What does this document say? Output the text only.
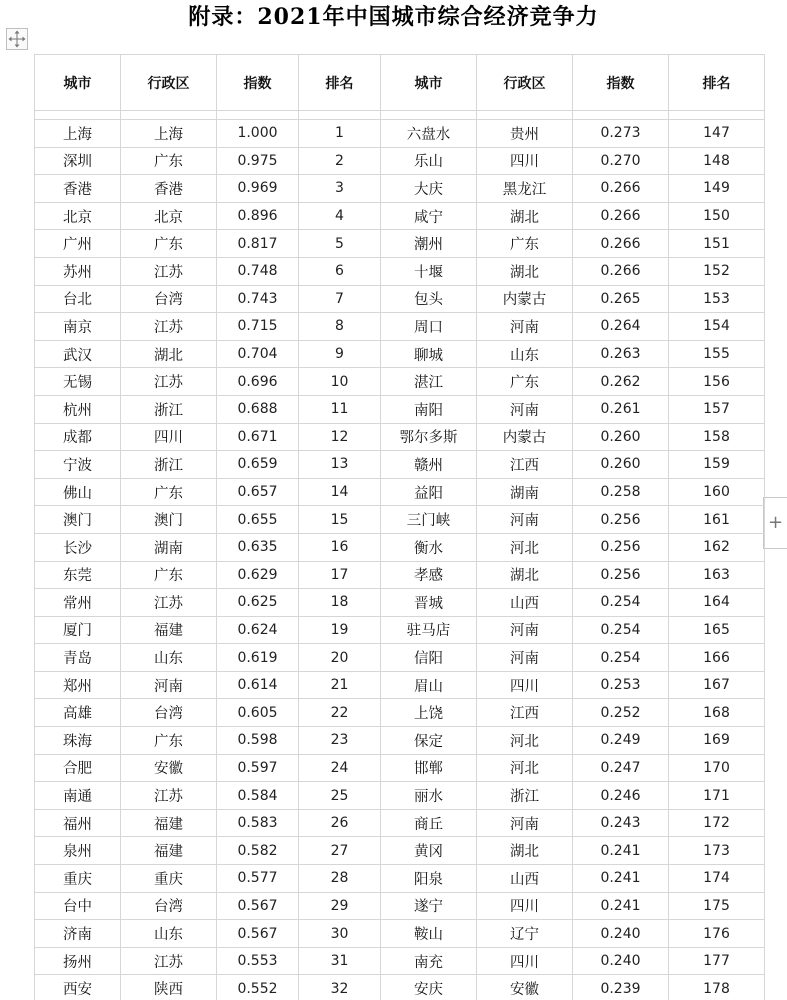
附录：2021年中国城市综合经济竞争力
+
城市	行政区	指数	排名	城市	行政区	指数	排名

上海	上海	1.000	1	六盘水	贵州	0.273	147
深圳	广东	0.975	2	乐山	四川	0.270	148
香港	香港	0.969	3	大庆	黑龙江	0.266	149
北京	北京	0.896	4	咸宁	湖北	0.266	150
广州	广东	0.817	5	潮州	广东	0.266	151
苏州	江苏	0.748	6	十堰	湖北	0.266	152
台北	台湾	0.743	7	包头	内蒙古	0.265	153
南京	江苏	0.715	8	周口	河南	0.264	154
武汉	湖北	0.704	9	聊城	山东	0.263	155
无锡	江苏	0.696	10	湛江	广东	0.262	156
杭州	浙江	0.688	11	南阳	河南	0.261	157
成都	四川	0.671	12	鄂尔多斯	内蒙古	0.260	158
宁波	浙江	0.659	13	赣州	江西	0.260	159
佛山	广东	0.657	14	益阳	湖南	0.258	160
澳门	澳门	0.655	15	三门峡	河南	0.256	161
长沙	湖南	0.635	16	衡水	河北	0.256	162
东莞	广东	0.629	17	孝感	湖北	0.256	163
常州	江苏	0.625	18	晋城	山西	0.254	164
厦门	福建	0.624	19	驻马店	河南	0.254	165
青岛	山东	0.619	20	信阳	河南	0.254	166
郑州	河南	0.614	21	眉山	四川	0.253	167
高雄	台湾	0.605	22	上饶	江西	0.252	168
珠海	广东	0.598	23	保定	河北	0.249	169
合肥	安徽	0.597	24	邯郸	河北	0.247	170
南通	江苏	0.584	25	丽水	浙江	0.246	171
福州	福建	0.583	26	商丘	河南	0.243	172
泉州	福建	0.582	27	黄冈	湖北	0.241	173
重庆	重庆	0.577	28	阳泉	山西	0.241	174
台中	台湾	0.567	29	遂宁	四川	0.241	175
济南	山东	0.567	30	鞍山	辽宁	0.240	176
扬州	江苏	0.553	31	南充	四川	0.240	177
西安	陕西	0.552	32	安庆	安徽	0.239	178
